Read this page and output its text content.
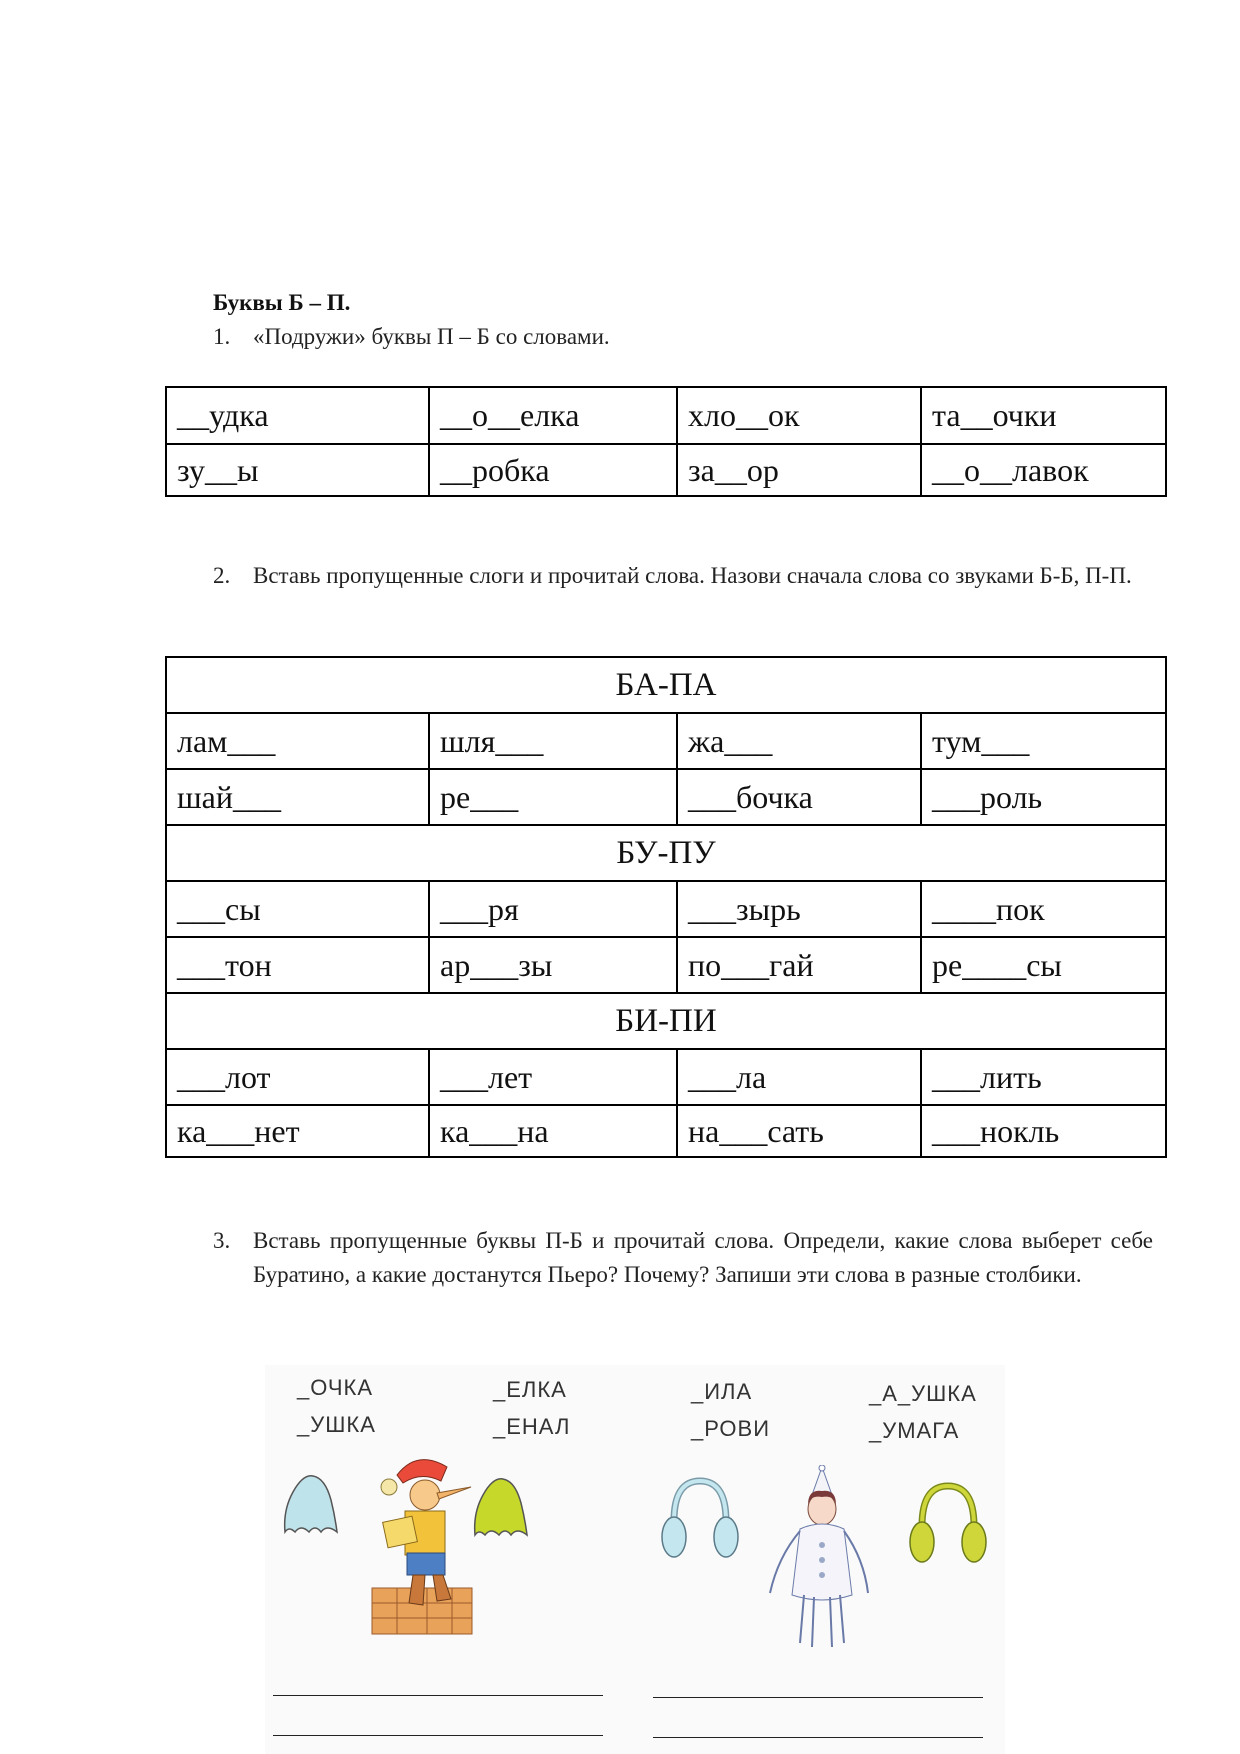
Буквы Б – П.
1. «Подружи» буквы П – Б со словами.
__удка	__о__елка	хло__ок	та__очки
зу__ы	__робка	за__ор	__о__лавок
2. Вставь пропущенные слоги и прочитай слова. Назови сначала слова со звуками Б-Б, П-П.
БА-ПА			
лам___	шля___	жа___	тум___
шай___	ре___	___бочка	___роль
БУ-ПУ			
___сы	___ря	___зырь	____пок
___тон	ар___зы	по___гай	ре____сы
БИ-ПИ			
___лот	___лет	___ла	___лить
ка___нет	ка___на	на___сать	___нокль
3. Вставь пропущенные буквы П-Б и прочитай слова. Определи, какие слова выберет себе Буратино, а какие достанутся Пьеро? Почему? Запиши эти слова в разные столбики.
_ОЧКА
_УШКА
_ЕЛКА
_ЕНАЛ
_ИЛА
_РОВИ
_А_УШКА
_УМАГА
